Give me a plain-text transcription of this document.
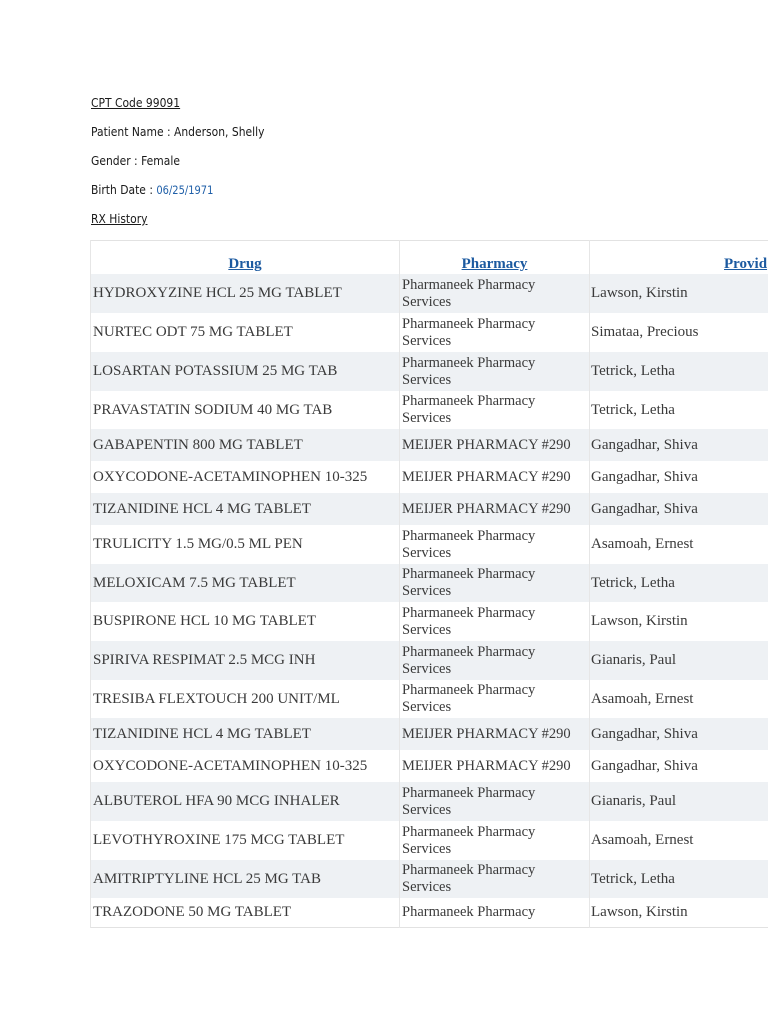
CPT Code 99091
Patient Name : Anderson, Shelly
Gender : Female
Birth Date : 06/25/1971
RX History
Drug	Pharmacy	Provid
HYDROXYZINE HCL 25 MG TABLET	Pharmaneek Pharmacy Services	Lawson, Kirstin
NURTEC ODT 75 MG TABLET	Pharmaneek Pharmacy Services	Simataa, Precious
LOSARTAN POTASSIUM 25 MG TAB	Pharmaneek Pharmacy Services	Tetrick, Letha
PRAVASTATIN SODIUM 40 MG TAB	Pharmaneek Pharmacy Services	Tetrick, Letha
GABAPENTIN 800 MG TABLET	MEIJER PHARMACY #290	Gangadhar, Shiva
OXYCODONE-ACETAMINOPHEN 10-325	MEIJER PHARMACY #290	Gangadhar, Shiva
TIZANIDINE HCL 4 MG TABLET	MEIJER PHARMACY #290	Gangadhar, Shiva
TRULICITY 1.5 MG/0.5 ML PEN	Pharmaneek Pharmacy Services	Asamoah, Ernest
MELOXICAM 7.5 MG TABLET	Pharmaneek Pharmacy Services	Tetrick, Letha
BUSPIRONE HCL 10 MG TABLET	Pharmaneek Pharmacy Services	Lawson, Kirstin
SPIRIVA RESPIMAT 2.5 MCG INH	Pharmaneek Pharmacy Services	Gianaris, Paul
TRESIBA FLEXTOUCH 200 UNIT/ML	Pharmaneek Pharmacy Services	Asamoah, Ernest
TIZANIDINE HCL 4 MG TABLET	MEIJER PHARMACY #290	Gangadhar, Shiva
OXYCODONE-ACETAMINOPHEN 10-325	MEIJER PHARMACY #290	Gangadhar, Shiva
ALBUTEROL HFA 90 MCG INHALER	Pharmaneek Pharmacy Services	Gianaris, Paul
LEVOTHYROXINE 175 MCG TABLET	Pharmaneek Pharmacy Services	Asamoah, Ernest
AMITRIPTYLINE HCL 25 MG TAB	Pharmaneek Pharmacy Services	Tetrick, Letha
TRAZODONE 50 MG TABLET	Pharmaneek Pharmacy	Lawson, Kirstin
